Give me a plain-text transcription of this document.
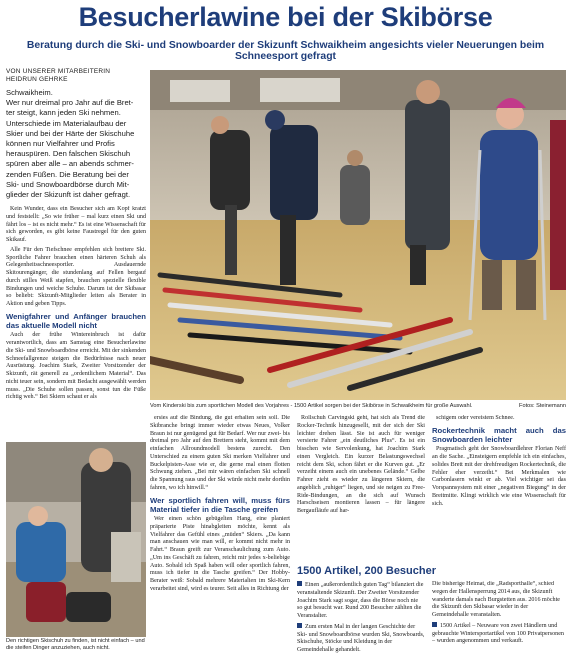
Besucherlawine bei der Skibörse
Beratung durch die Ski- und Snowboarder der Skizunft Schwaikheim angesichts vieler Neuerungen beim Schneesport gefragt
VON UNSERER MITARBEITERIN
HEIDRUN GEHRKE
Schwaikheim.
Wer nur dreimal pro Jahr auf die Bret-
ter steigt, kann jeden Ski nehmen.
Unterschiede im Materialaufbau der
Skier und bei der Härte der Skischuhe
können nur Vielfahrer und Profis
herauspüren. Den falschen Skischuh
spüren aber alle – an abends schmer-
zenden Füßen. Die Beratung bei der
Ski- und Snowboardbörse durch Mit-
glieder der Skizunft ist daher gefragt.

Kein Wunder, dass ein Besucher sich am Kopf kratzt und feststellt: „So wie früher – mal kurz einen Ski und fährt los – ist es nicht mehr.“ Es ist eine Wissenschaft für sich geworden, es gibt keine Faustregel für den guten Skikauf.

Alle Für den Tiefschnee empfehlen sich breitere Ski. Sportliche Fahrer brauchen einen härteren Schuh als Gelegenheitsschneesportler. Ausdauernde Skitourengänger, die stundenlang auf Fellen bergauf durch stilles Weiß stapfen, brauchen spezielle flexible Bindungen und weiche Schuhe. Darum ist der Skibasar so beliebt: Skizunft-Mitglieder leiten als Berater in Aktion und geben Tipps.

Wenigfahrer und Anfänger brauchen das aktuelle Modell nicht

Auch der frühe Wintereinbruch ist dafür verantwortlich, dass am Samstag eine Besucherlawine die Ski- und Snowboardbörse erreicht. Mit der sinkenden Schneefallgrenze steigen die Bedürfnisse nach neuer Ausrüstung. Joachim Stark, Zweiter Vorsitzender der Skizunft, rät generell zu „ordentlichem Material“. Das nicht teuer sein, sondern mit Bedacht ausgewählt werden muss. „Die Schuhe sollen passen, sonst tun die Füße richtig weh.“ Bei Skiern schaut er als

Vom Kinderski bis zum sportlichen Modell des Vorjahres - 1500 Artikel sorgen bei der Skibörse in Schwaikheim für große Auswahl.	Fotos: Steinemann
Den richtigen Skischuh zu finden, ist nicht einfach – und die steifen Dinger anzuziehen, auch nicht.

ersies auf die Bindung, die gut erhalten sein soll. Die Skibranche bringt immer wieder etwas Neues, Volker Braun ist nur genügend gut für Bedarf. Wer nur zwei- bis dreimal pro Jahr auf den Brettern steht, kommt mit dem einfachen Allroundmodell bestens zurecht. Den Unterschied zu einem guten Ski merken Vielfahrer und Buckelpisten-Asse wie er, die gerne mal einen flotten Schwung ziehen. „Bei mir wären einfachen Ski schnell die Spannung raus und der Ski würde nicht mehr dorthin fahren, wo ich hinwill.“

Wer sportlich fahren will, muss fürs Material tiefer in die Tasche greifen

Wer einen schön gebügelten Hang, eine planiert präparierte Piste hinabgleiten möchte, kennt als Vielfahrer das Gefühl eines „müden“ Skiers. „Da kann man anschauen wie man will, er kommt nicht mehr in Fahrt.“ Braun greift zur Veranschaulichung zum Auto. „Um ins Geschäft zu fahren, reicht mir jedes x-beliebige Auto. Sobald ich Spaß haben will oder sportlich fahren, muss ich tiefer in die Tasche greifen.“ Der Hobby-Berater weiß: Sobald mehrere Materialien im Ski-Kern verarbeitet sind, wird es teurer. Seit alles in Richtung der

Rollschuh Carvingski geht, hat sich als Trend die Rocker-Technik hinzugesellt, mit der sich der Ski leichter drehen lässt. Sie ist auch für weniger versierte Fahrer „ein deutliches Plus“. Es ist ein bisschen wie Servolenkung, hat Joachim Stark einen Vergleich. Ein kurzer Belastungswechsel reicht dem Ski, schon fährt er die Kurven gut. „Er verzeiht einem auch ein unebenes Gelände.“ Gelbe Fahrer zieht es wieder zu längeren Skiern, die angeblich „ruhiger“ liegen, und sie neigen zu Free-Ride-Bindungen, an die sich auf Wunsch Harschseisen montieren lassen – für längere Bergaufläufe auf har-

schigem oder vereistem Schnee.

Rockertechnik macht auch das Snowboarden leichter

Pragmatisch geht der Snowboardlehrer Florian Neff an die Sache. „Einsteigern empfehle ich ein einfaches, solides Brett mit der drehfreudigen Rockertechnik, die Fehler eher verzeiht.“ Bei Merkmalen wie Carbonlasern winkt er ab. Viel wichtiger sei das Vorspannsystem mit einer „negativen Biegung“ in der Breitmitte. Klingt wirklich wie eine Wissenschaft für sich.

1500 Artikel, 200 Besucher
Einen „außerordentlich guten Tag“ bilanziert die veranstaltende Skizunft. Der Zweiter Vorsitzender Joachim Stark sagt sogar, dass die Börse noch nie so gut besucht war. Rund 200 Besucher zählten die Veranstalter.
Zum ersten Mal in der langen Geschichte der Ski- und Snowboardbörse wurden Ski, Snowboards, Skischuhe, Stöcke und Kleidung in der Gemeindehalle gehandelt.
Die bisherige Heimat, die „Radsporthalle“, schied wegen der Hallensperrung 2014 aus, die Skizunft wanderte damals nach Burgstetten aus. 2016 möchte die Skizunft den Skibasar wieder in der Gemeindehalle veranstalten.
1500 Artikel – Neuware von zwei Händlern und gebrauchte Wintersportartikel von 100 Privatpersonen – wurden angenommen und verkauft.
